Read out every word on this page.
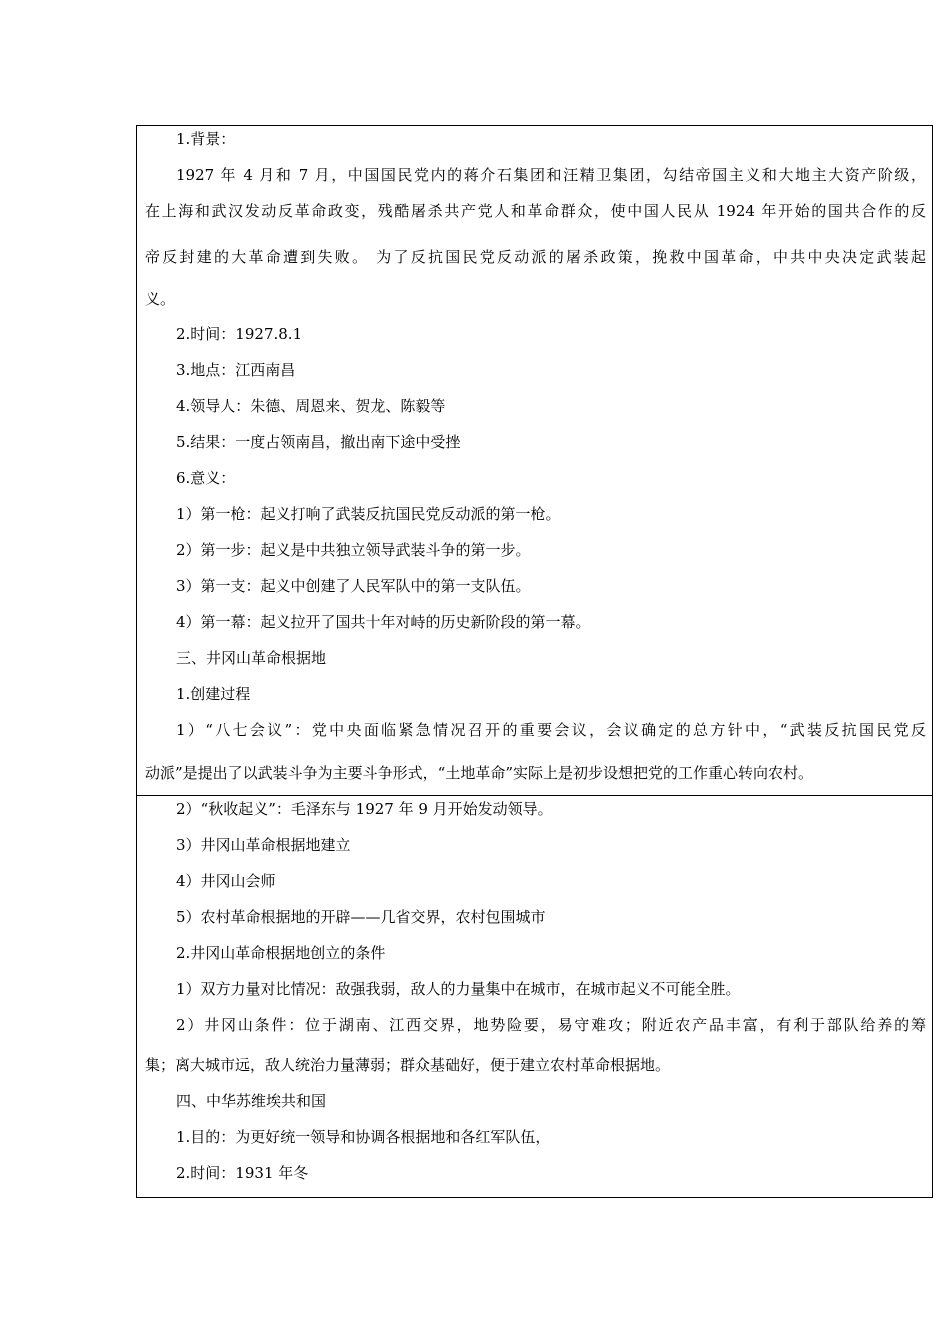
1.背景：
1927 年 4 月和 7 月，中国国民党内的蒋介石集团和汪精卫集团，勾结帝国主义和大地主大资产阶级，
在上海和武汉发动反革命政变，残酷屠杀共产党人和革命群众，使中国人民从 1924 年开始的国共合作的反
帝反封建的大革命遭到失败。 为了反抗国民党反动派的屠杀政策，挽救中国革命，中共中央决定武装起
义。
2.时间：1927.8.1
3.地点：江西南昌
4.领导人：朱德、周恩来、贺龙、陈毅等
5.结果：一度占领南昌，撤出南下途中受挫
6.意义：
1）第一枪：起义打响了武装反抗国民党反动派的第一枪。
2）第一步：起义是中共独立领导武装斗争的第一步。
3）第一支：起义中创建了人民军队中的第一支队伍。
4）第一幕：起义拉开了国共十年对峙的历史新阶段的第一幕。
三、井冈山革命根据地
1.创建过程
1）“八七会议”：党中央面临紧急情况召开的重要会议，会议确定的总方针中，“武装反抗国民党反
动派”是提出了以武装斗争为主要斗争形式，“土地革命”实际上是初步设想把党的工作重心转向农村。
2）“秋收起义”：毛泽东与 1927 年 9 月开始发动领导。
3）井冈山革命根据地建立
4）井冈山会师
5）农村革命根据地的开辟——几省交界，农村包围城市
2.井冈山革命根据地创立的条件
1）双方力量对比情况：敌强我弱，敌人的力量集中在城市，在城市起义不可能全胜。
2）井冈山条件：位于湖南、江西交界，地势险要，易守难攻；附近农产品丰富，有利于部队给养的筹
集；离大城市远，敌人统治力量薄弱；群众基础好，便于建立农村革命根据地。
四、中华苏维埃共和国
1.目的：为更好统一领导和协调各根据地和各红军队伍，
2.时间：1931 年冬
